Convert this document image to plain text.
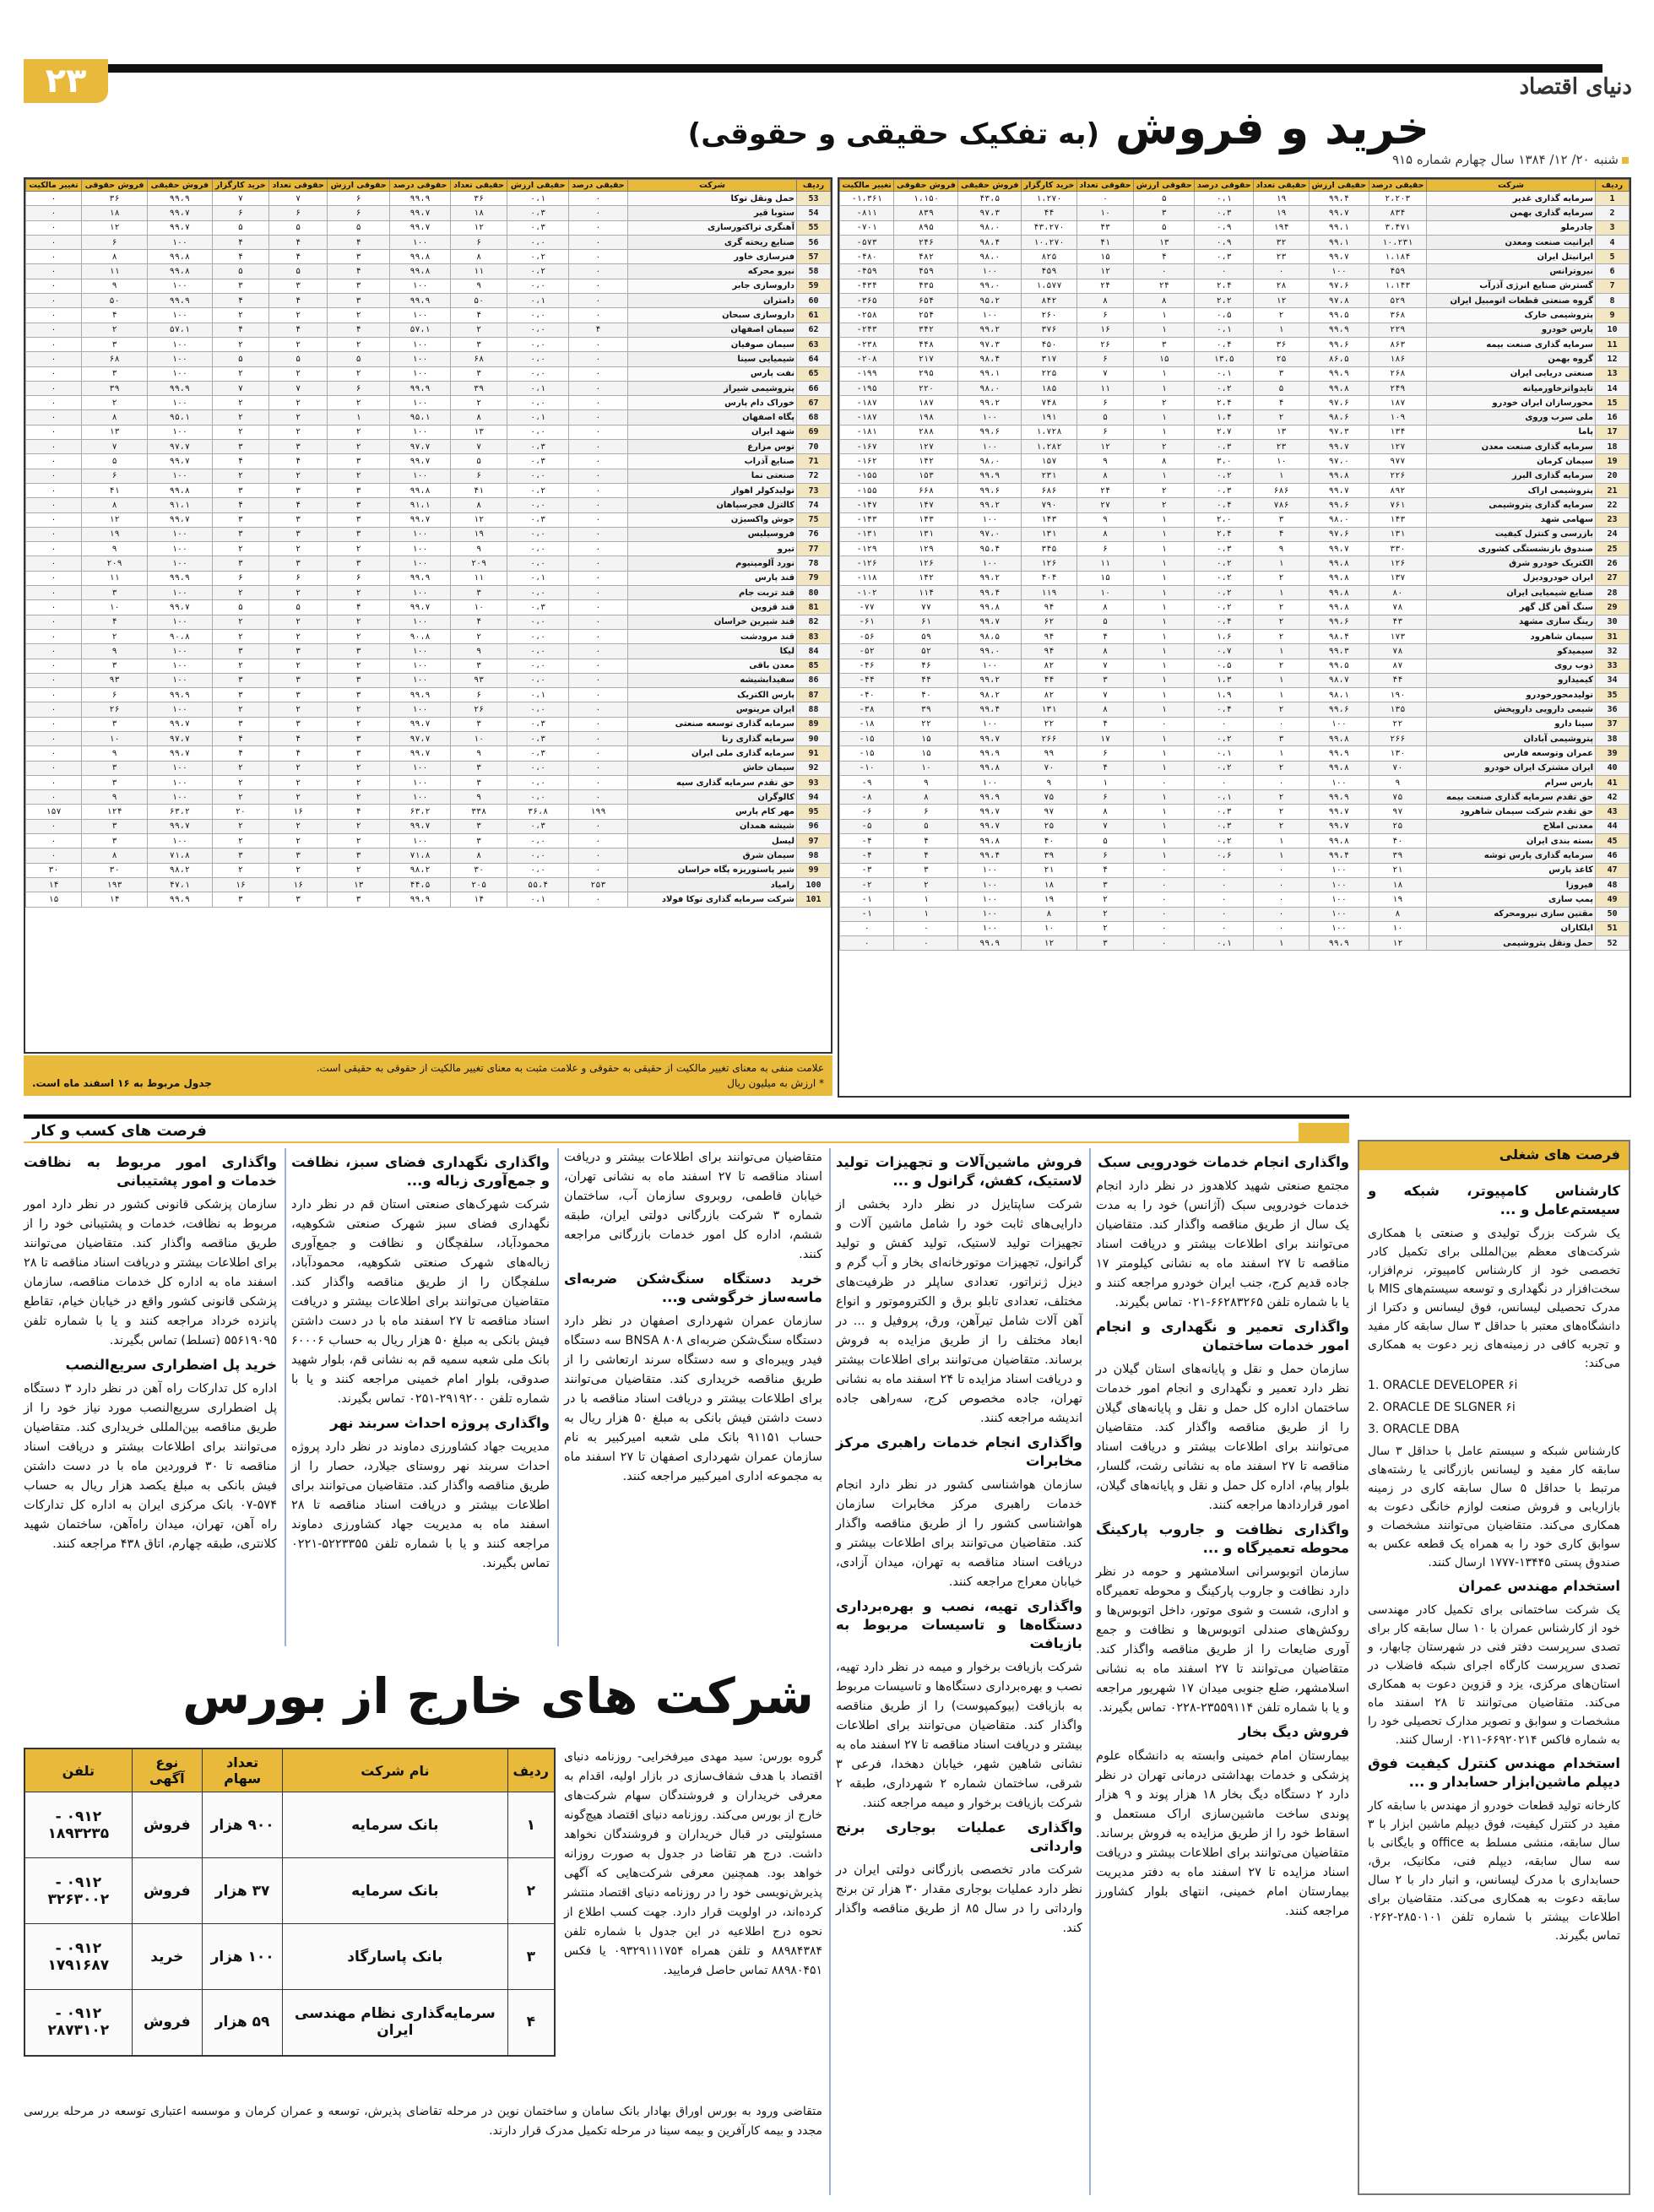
۲۳	دنیای اقتصاد
خرید و فروش (به تفکیک حقیقی و حقوقی)
شنبه ۲۰/ ۱۲/ ۱۳۸۴ سال چهارم شماره ۹۱۵
ردیف	شرکت	حقیقی درصد	حقیقی ارزش	حقیقی تعداد	حقوقی درصد	حقوقی ارزش	حقوقی تعداد	خرید کارگزار	فروش حقیقی	فروش حقوقی	تغییر مالکیت
1	سرمایه گذاری غدیر	۲،۲۰۳	۹۹،۴	۱۹	۰،۱	۵	۰	۱،۲۷۰	۴۳،۵	۱،۱۵۰	۱،۳۶۱-
2	سرمایه گذاری بهمن	۸۳۴	۹۹،۷	۱۹	۰،۳	۳	۱۰	۴۴	۹۷،۳	۸۳۹	۸۱۱-
3	چادرملو	۳،۴۷۱	۹۹،۱	۱۹۴	۰،۹	۵	۴۳	۴۳،۲۷۰	۹۸،۰	۸۹۵	۷۰۱-
4	ایرانیت صنعت ومعدن	۱۰،۲۳۱	۹۹،۱	۳۲	۰،۹	۱۳	۴۱	۱۰،۲۷۰	۹۸،۴	۲۴۶	۵۷۳-
5	ایرانیتل ایران	۱،۱۸۴	۹۹،۷	۲۳	۰،۳	۴	۱۵	۸۲۵	۹۸،۰	۴۸۲	۴۸۰-
6	نیروترانس	۴۵۹	۱۰۰	۰	۰	۰	۱۲	۴۵۹	۱۰۰	۴۵۹	۴۵۹-
7	گسترش صنایع انرژی آذرآب	۱،۱۴۳	۹۷،۶	۲۸	۲،۴	۲۴	۲۴	۱،۵۷۷	۹۹،۰	۴۳۵	۴۳۴-
8	گروه صنعتی قطعات اتومبیل ایران	۵۲۹	۹۷،۸	۱۲	۲،۲	۸	۸	۸۴۲	۹۵،۲	۶۵۴	۳۶۵-
9	پتروشیمی خارک	۳۶۸	۹۹،۵	۲	۰،۵	۱	۶	۲۶۰	۱۰۰	۲۵۴	۲۵۸-
10	پارس خودرو	۲۲۹	۹۹،۹	۱	۰،۱	۱	۱۶	۳۷۶	۹۹،۲	۳۴۲	۲۴۳-
11	سرمایه گذاری صنعت بیمه	۸۶۳	۹۹،۶	۳۶	۰،۴	۳	۲۶	۴۵۰	۹۷،۳	۴۴۸	۲۳۸-
12	گروه بهمن	۱۸۶	۸۶،۵	۲۵	۱۳،۵	۱۵	۶	۳۱۷	۹۸،۴	۲۱۷	۲۰۸-
13	صنعتی دریایی ایران	۲۶۸	۹۹،۹	۳	۰،۱	۱	۷	۲۲۵	۹۹،۱	۲۹۵	۱۹۹-
14	تایدواترخاورمیانه	۲۴۹	۹۹،۸	۵	۰،۲	۱	۱۱	۱۸۵	۹۸،۰	۲۲۰	۱۹۵-
15	محورسازان ایران خودرو	۱۸۷	۹۷،۶	۴	۲،۴	۲	۶	۷۴۸	۹۹،۲	۱۸۷	۱۸۷-
16	ملی سرب وروی	۱۰۹	۹۸،۶	۲	۱،۴	۱	۵	۱۹۱	۱۰۰	۱۹۸	۱۸۷-
17	پاما	۱۳۴	۹۷،۳	۱۳	۲،۷	۱	۶	۱،۷۲۸	۹۹،۶	۲۸۸	۱۸۱-
18	سرمایه گذاری صنعت معدن	۱۲۷	۹۹،۷	۲۳	۰،۳	۲	۱۲	۱،۲۸۲	۱۰۰	۱۲۷	۱۶۷-
19	سیمان کرمان	۹۷۷	۹۷،۰	۱۰	۳،۰	۸	۹	۱۵۷	۹۸،۰	۱۴۲	۱۶۲-
20	سرمایه گذاری البرز	۲۲۶	۹۹،۸	۱	۰،۲	۱	۸	۲۳۱	۹۹،۹	۱۵۳	۱۵۵-
21	پتروشیمی اراک	۸۹۲	۹۹،۷	۶۸۶	۰،۳	۲	۲۴	۶۸۶	۹۹،۶	۶۶۸	۱۵۵-
22	سرمایه گذاری پتروشیمی	۷۶۱	۹۹،۶	۷۸۶	۰،۴	۲	۲۷	۷۹۰	۹۹،۲	۱۴۷	۱۴۷-
23	سهامی شهد	۱۴۳	۹۸،۰	۳	۲،۰	۱	۹	۱۴۳	۱۰۰	۱۴۳	۱۴۳-
24	بازرسی و کنترل کیفیت	۱۳۱	۹۷،۶	۴	۲،۴	۱	۸	۱۳۱	۹۷،۰	۱۳۱	۱۳۱-
25	صندوق بازنشستگی کشوری	۳۳۰	۹۹،۷	۹	۰،۳	۱	۶	۳۴۵	۹۵،۴	۱۲۹	۱۲۹-
26	الکتریک خودرو شرق	۱۲۶	۹۹،۸	۱	۰،۲	۱	۱۱	۱۲۶	۱۰۰	۱۲۶	۱۲۶-
27	ایران خودرودیزل	۱۳۷	۹۹،۸	۲	۰،۲	۱	۱۵	۴۰۴	۹۹،۲	۱۴۲	۱۱۸-
28	صنایع شیمیایی ایران	۸۰	۹۹،۸	۱	۰،۲	۱	۱۰	۱۱۹	۹۹،۴	۱۱۴	۱۰۲-
29	سنگ آهن گل گهر	۷۸	۹۹،۸	۲	۰،۲	۱	۸	۹۴	۹۹،۸	۷۷	۷۷-
30	رینگ سازی مشهد	۴۳	۹۹،۶	۲	۰،۴	۱	۵	۶۲	۹۹،۷	۶۱	۶۱-
31	سیمان شاهرود	۱۷۳	۹۸،۴	۲	۱،۶	۱	۴	۹۴	۹۸،۵	۵۹	۵۶-
32	سیمیدکو	۷۸	۹۹،۳	۱	۰،۷	۱	۸	۹۴	۹۹،۰	۵۲	۵۲-
33	ذوب روی	۸۷	۹۹،۵	۲	۰،۵	۱	۷	۸۲	۱۰۰	۴۶	۴۶-
34	کیمیدارو	۴۴	۹۸،۷	۱	۱،۳	۱	۳	۴۴	۹۹،۲	۴۴	۴۴-
35	تولیدمحورخودرو	۱۹۰	۹۸،۱	۱	۱،۹	۱	۷	۸۲	۹۸،۲	۴۰	۴۰-
36	شیمی دارویی داروپخش	۱۳۵	۹۹،۶	۲	۰،۴	۱	۸	۱۳۱	۹۹،۴	۳۹	۳۸-
37	سینا دارو	۲۲	۱۰۰	۰	۰	۰	۴	۲۲	۱۰۰	۲۲	۱۸-
38	پتروشیمی آبادان	۲۶۶	۹۹،۸	۳	۰،۲	۱	۱۷	۲۶۶	۹۹،۷	۱۵	۱۵-
39	عمران وتوسعه فارس	۱۳۰	۹۹،۹	۱	۰،۱	۱	۶	۹۹	۹۹،۹	۱۵	۱۵-
40	ایران مشترک ایران خودرو	۷۰	۹۹،۸	۲	۰،۲	۱	۴	۷۰	۹۹،۸	۱۰	۱۰-
41	پارس سرام	۹	۱۰۰	۰	۰	۰	۱	۹	۱۰۰	۹	۹-
42	حق تقدم سرمایه گذاری صنعت بیمه	۷۵	۹۹،۹	۲	۰،۱	۱	۶	۷۵	۹۹،۹	۸	۸-
43	حق تقدم شرکت سیمان شاهرود	۹۷	۹۹،۷	۲	۰،۳	۱	۸	۹۷	۹۹،۷	۶	۶-
44	معدنی املاح	۲۵	۹۹،۷	۲	۰،۳	۱	۷	۲۵	۹۹،۷	۵	۵-
45	بسته بندی ایران	۴۰	۹۹،۸	۱	۰،۲	۱	۵	۴۰	۹۹،۸	۴	۴-
46	سرمایه گذاری پارس توشه	۳۹	۹۹،۴	۱	۰،۶	۱	۶	۳۹	۹۹،۴	۴	۴-
47	کاغذ پارس	۲۱	۱۰۰	۰	۰	۰	۴	۲۱	۱۰۰	۳	۳-
48	فیروزا	۱۸	۱۰۰	۰	۰	۰	۳	۱۸	۱۰۰	۲	۲-
49	پمپ سازی	۱۹	۱۰۰	۰	۰	۰	۲	۱۹	۱۰۰	۱	۱-
50	مقتین سازی نیرومحرکه	۸	۱۰۰	۰	۰	۰	۲	۸	۱۰۰	۱	۱-
51	ایلکاران	۱۰	۱۰۰	۰	۰	۰	۲	۱۰	۱۰۰	۰	۰
52	حمل ونقل پتروشیمی	۱۲	۹۹،۹	۱	۰،۱	۰	۳	۱۲	۹۹،۹	۰	۰
ردیف	شرکت	حقیقی درصد	حقیقی ارزش	حقیقی تعداد	حقوقی درصد	حقوقی ارزش	حقوقی تعداد	خرید کارگزار	فروش حقیقی	فروش حقوقی	تغییر مالکیت
53	حمل ونقل توکا	۰	۰،۱	۳۶	۹۹،۹	۶	۷	۷	۹۹،۹	۳۶	۰
54	ستوبا قیر	۰	۰،۳	۱۸	۹۹،۷	۶	۶	۶	۹۹،۷	۱۸	۰
55	آهنگری تراکتورسازی	۰	۰،۳	۱۲	۹۹،۷	۵	۵	۵	۹۹،۷	۱۲	۰
56	صنایع ریخته گری	۰	۰،۰	۶	۱۰۰	۴	۴	۴	۱۰۰	۶	۰
57	فنرسازی خاور	۰	۰،۲	۸	۹۹،۸	۳	۴	۴	۹۹،۸	۸	۰
58	نیرو محرکه	۰	۰،۲	۱۱	۹۹،۸	۴	۵	۵	۹۹،۸	۱۱	۰
59	داروسازی جابر	۰	۰،۰	۹	۱۰۰	۳	۳	۳	۱۰۰	۹	۰
60	دامتران	۰	۰،۱	۵۰	۹۹،۹	۳	۴	۴	۹۹،۹	۵۰	۰
61	داروسازی سبحان	۰	۰،۰	۴	۱۰۰	۲	۲	۲	۱۰۰	۴	۰
62	سیمان اصفهان	۴	۰،۰	۲	۵۷،۱	۴	۴	۴	۵۷،۱	۲	۰
63	سیمان صوفیان	۰	۰،۰	۳	۱۰۰	۲	۲	۲	۱۰۰	۳	۰
64	شیمیایی سینا	۰	۰،۰	۶۸	۱۰۰	۵	۵	۵	۱۰۰	۶۸	۰
65	نفت پارس	۰	۰،۰	۳	۱۰۰	۲	۲	۲	۱۰۰	۳	۰
66	پتروشیمی شیراز	۰	۰،۱	۳۹	۹۹،۹	۶	۷	۷	۹۹،۹	۳۹	۰
67	خوراک دام پارس	۰	۰،۰	۲	۱۰۰	۲	۲	۲	۱۰۰	۲	۰
68	پگاه اصفهان	۰	۰،۱	۸	۹۵،۱	۱	۲	۲	۹۵،۱	۸	۰
69	شهد ایران	۰	۰،۰	۱۳	۱۰۰	۲	۲	۲	۱۰۰	۱۳	۰
70	توس مزارع	۰	۰،۳	۷	۹۷،۷	۲	۳	۳	۹۷،۷	۷	۰
71	صنایع آذراب	۰	۰،۳	۵	۹۹،۷	۳	۴	۴	۹۹،۷	۵	۰
72	صنعتی نما	۰	۰،۰	۶	۱۰۰	۲	۲	۲	۱۰۰	۶	۰
73	تولیدکولر اهواز	۰	۰،۲	۴۱	۹۹،۸	۳	۳	۳	۹۹،۸	۴۱	۰
74	کالتزل فجرسپاهان	۰	۰،۰	۸	۹۱،۱	۳	۴	۴	۹۱،۱	۸	۰
75	جوش واکسیژن	۰	۰،۳	۱۲	۹۹،۷	۳	۳	۳	۹۹،۷	۱۲	۰
76	فروسیلیس	۰	۰،۰	۱۹	۱۰۰	۳	۳	۳	۱۰۰	۱۹	۰
77	تیرو	۰	۰،۰	۹	۱۰۰	۲	۲	۲	۱۰۰	۹	۰
78	نورد آلومینیوم	۰	۰،۰	۲۰۹	۱۰۰	۳	۳	۳	۱۰۰	۲۰۹	۰
79	قند پارس	۰	۰،۱	۱۱	۹۹،۹	۶	۶	۶	۹۹،۹	۱۱	۰
80	قند تربت جام	۰	۰،۰	۳	۱۰۰	۲	۲	۲	۱۰۰	۳	۰
81	قند قزوین	۰	۰،۳	۱۰	۹۹،۷	۴	۵	۵	۹۹،۷	۱۰	۰
82	قند شیرین خراسان	۰	۰،۰	۴	۱۰۰	۲	۲	۲	۱۰۰	۴	۰
83	قند مرودشت	۰	۰،۰	۲	۹۰،۸	۲	۲	۲	۹۰،۸	۲	۰
84	لیکا	۰	۰،۰	۹	۱۰۰	۳	۳	۳	۱۰۰	۹	۰
85	معدن باقی	۰	۰،۰	۳	۱۰۰	۲	۲	۲	۱۰۰	۳	۰
86	سفیدابشیشه	۰	۰،۰	۹۳	۱۰۰	۳	۳	۳	۱۰۰	۹۳	۰
87	پارس الکتریک	۰	۰،۱	۶	۹۹،۹	۳	۳	۳	۹۹،۹	۶	۰
88	ایران مرینوس	۰	۰،۰	۲۶	۱۰۰	۲	۲	۲	۱۰۰	۲۶	۰
89	سرمایه گذاری توسعه صنعتی	۰	۰،۳	۳	۹۹،۷	۲	۳	۳	۹۹،۷	۳	۰
90	سرمایه گذاری رنا	۰	۰،۳	۱۰	۹۷،۷	۳	۴	۴	۹۷،۷	۱۰	۰
91	سرمایه گذاری ملی ایران	۰	۰،۳	۹	۹۹،۷	۳	۴	۴	۹۹،۷	۹	۰
92	سیمان خاش	۰	۰،۰	۳	۱۰۰	۲	۲	۲	۱۰۰	۳	۰
93	حق تقدم سرمایه گذاری سپه	۰	۰،۰	۳	۱۰۰	۲	۲	۲	۱۰۰	۳	۰
94	کالوگران	۰	۰،۰	۹	۱۰۰	۲	۲	۲	۱۰۰	۹	۰
95	مهر کام پارس	۱۹۹	۳۶،۸	۳۳۸	۶۳،۲	۴	۱۶	۲۰	۶۳،۲	۱۲۴	۱۵۷
96	شیشه همدان	۰	۰،۳	۳	۹۹،۷	۲	۲	۲	۹۹،۷	۳	۰
97	لیسل	۰	۰،۰	۳	۱۰۰	۲	۲	۲	۱۰۰	۳	۰
98	سیمان شرق	۰	۰،۰	۸	۷۱،۸	۳	۳	۳	۷۱،۸	۸	۰
99	شیر پاستوریزه پگاه خراسان	۰	۰،۰	۳۰	۹۸،۲	۲	۲	۲	۹۸،۲	۳۰	۳۰
100	زامیاد	۲۵۳	۵۵،۴	۲۰۵	۴۴،۵	۱۳	۱۶	۱۶	۴۷،۱	۱۹۳	۱۴
101	شرکت سرمایه گذاری توکا فولاد	۰	۰،۱	۱۴	۹۹،۹	۳	۳	۳	۹۹،۹	۱۴	۱۵
علامت منفی به معنای تغییر مالکیت از حقیقی به حقوقی و علامت مثبت به معنای تغییر مالکیت از حقوقی به حقیقی است.
* ارزش به میلیون ریال
جدول مربوط به ۱۶ اسفند ماه است.
فرصت های کسب و کار
واگذاری انجام خدمات خودرویی سبک

مجتمع صنعتی شهید کلاهدوز در نظر دارد انجام خدمات خودرویی سبک (آژانس) خود را به مدت یک سال از طریق مناقصه واگذار کند. متقاضیان می‌توانند برای اطلاعات بیشتر و دریافت اسناد مناقصه تا ۲۷ اسفند ماه به نشانی کیلومتر ۱۷ جاده قدیم کرج، جنب ایران خودرو مراجعه کنند و یا با شماره تلفن ۶۶۲۸۳۲۶۵-۰۲۱ تماس بگیرند.

واگذاری تعمیر و نگهداری و انجام امور خدمات ساختمان

سازمان حمل و نقل و پایانه‌های استان گیلان در نظر دارد تعمیر و نگهداری و انجام امور خدمات ساختمان اداره کل حمل و نقل و پایانه‌های گیلان را از طریق مناقصه واگذار کند. متقاضیان می‌توانند برای اطلاعات بیشتر و دریافت اسناد مناقصه تا ۲۷ اسفند ماه به نشانی رشت، گلسار، بلوار پیام، اداره کل حمل و نقل و پایانه‌های گیلان، امور قراردادها مراجعه کنند.

واگذاری نظافت و جاروب پارکینگ محوطه تعمیرگاه و ...

سازمان اتوبوسرانی اسلامشهر و حومه در نظر دارد نظافت و جاروب پارکینگ و محوطه تعمیرگاه و اداری، شست و شوی موتور، داخل اتوبوس‌ها و روکش‌های صندلی اتوبوس‌ها و نظافت و جمع آوری ضایعات را از طریق مناقصه واگذار کند. متقاضیان می‌توانند تا ۲۷ اسفند ماه به نشانی اسلامشهر، ضلع جنوبی میدان ۱۷ شهریور مراجعه و یا با شماره تلفن ۲۳۵۵۹۱۱۴-۰۲۲۸ تماس بگیرند.

فروش دیگ بخار

بیمارستان امام خمینی وابسته به دانشگاه علوم پزشکی و خدمات بهداشتی درمانی تهران در نظر دارد ۲ دستگاه دیگ بخار ۱۸ هزار پوند و ۹ هزار پوندی ساخت ماشین‌سازی اراک مستعمل و اسقاط خود را از طریق مزایده به فروش برساند. متقاضیان می‌توانند برای اطلاعات بیشتر و دریافت اسناد مزایده تا ۲۷ اسفند ماه به دفتر مدیریت بیمارستان امام خمینی، انتهای بلوار کشاورز مراجعه کنند.

فروش ماشین‌آلات و تجهیزات تولید لاستیک، کفش، گرانول و ...

شرکت ساپتایزل در نظر دارد بخشی از دارایی‌های ثابت خود را شامل ماشین آلات و تجهیزات تولید لاستیک، تولید کفش و تولید گرانول، تجهیزات موتورخانه‌ای بخار و آب گرم و دیزل ژنراتور، تعدادی ساپلر در ظرفیت‌های مختلف، تعدادی تابلو برق و الکتروموتور و انواع آهن آلات شامل تیرآهن، ورق، پروفیل و ... در ابعاد مختلف را از طریق مزایده به فروش برساند. متقاضیان می‌توانند برای اطلاعات بیشتر و دریافت اسناد مزایده تا ۲۴ اسفند ماه به نشانی تهران، جاده مخصوص کرج، سه‌راهی جاده اندیشه مراجعه کنند.

واگذاری انجام خدمات راهبری مرکز مخابرات

سازمان هواشناسی کشور در نظر دارد انجام خدمات راهبری مرکز مخابرات سازمان هواشناسی کشور را از طریق مناقصه واگذار کند. متقاضیان می‌توانند برای اطلاعات بیشتر و دریافت اسناد مناقصه به تهران، میدان آزادی، خیابان معراج مراجعه کنند.

واگذاری تهیه، نصب و بهره‌برداری دستگاه‌ها و تاسیسات مربوط به بازیافت

شرکت بازیافت برخوار و میمه در نظر دارد تهیه، نصب و بهره‌برداری دستگاه‌ها و تاسیسات مربوط به بازیافت (بیوکمپوست) را از طریق مناقصه واگذار کند. متقاضیان می‌توانند برای اطلاعات بیشتر و دریافت اسناد مناقصه تا ۲۷ اسفند ماه به نشانی شاهین شهر، خیابان دهخدا، فرعی ۳ شرقی، ساختمان شماره ۲ شهرداری، طبقه ۲ شرکت بازیافت برخوار و میمه مراجعه کنند.

واگذاری عملیات بوجاری برنج وارداتی

شرکت مادر تخصصی بازرگانی دولتی ایران در نظر دارد عملیات بوجاری مقدار ۳۰ هزار تن برنج وارداتی را در سال ۸۵ از طریق مناقصه واگذار کند.

متقاضیان می‌توانند برای اطلاعات بیشتر و دریافت اسناد مناقصه تا ۲۷ اسفند ماه به نشانی تهران، خیابان فاطمی، روبروی سازمان آب، ساختمان شماره ۳ شرکت بازرگانی دولتی ایران، طبقه ششم، اداره کل امور خدمات بازرگانی مراجعه کنند.

خرید دستگاه سنگ‌شکن ضربه‌ای ماسه‌ساز خرگوشی و...

سازمان عمران شهرداری اصفهان در نظر دارد دستگاه سنگ‌شکن ضربه‌ای BNSA ۸۰۸ سه دستگاه فیدر ویبره‌ای و سه دستگاه سرند ارتعاشی را از طریق مناقصه خریداری کند. متقاضیان می‌توانند برای اطلاعات بیشتر و دریافت اسناد مناقصه با در دست داشتن فیش بانکی به مبلغ ۵۰ هزار ریال به حساب ۹۱۱۵۱ بانک ملی شعبه امیرکبیر به نام سازمان عمران شهرداری اصفهان تا ۲۷ اسفند ماه به مجموعه اداری امیرکبیر مراجعه کنند.

واگذاری نگهداری فضای سبز، نظافت و جمع‌آوری زباله و...

شرکت شهرک‌های صنعتی استان قم در نظر دارد نگهداری فضای سبز شهرک صنعتی شکوهیه، محمودآباد، سلفچگان و نظافت و جمع‌آوری زباله‌های شهرک صنعتی شکوهیه، محمودآباد، سلفچگان را از طریق مناقصه واگذار کند. متقاضیان می‌توانند برای اطلاعات بیشتر و دریافت اسناد مناقصه تا ۲۷ اسفند ماه با در دست داشتن فیش بانکی به مبلغ ۵۰ هزار ریال به حساب ۶۰۰۰۶ بانک ملی شعبه سمیه قم به نشانی قم، بلوار شهید صدوقی، بلوار امام خمینی مراجعه کنند و یا با شماره تلفن ۲۹۱۹۲۰۰-۰۲۵۱ تماس بگیرند.

واگذاری پروژه احداث سربند نهر

مدیریت جهاد کشاورزی دماوند در نظر دارد پروژه احداث سربند نهر روستای جیلارد، حصار را از طریق مناقصه واگذار کند. متقاضیان می‌توانند برای اطلاعات بیشتر و دریافت اسناد مناقصه تا ۲۸ اسفند ماه به مدیریت جهاد کشاورزی دماوند مراجعه کنند و یا با شماره تلفن ۵۲۲۳۳۵۵-۰۲۲۱ تماس بگیرند.

واگذاری امور مربوط به نظافت خدمات و امور پشتیبانی

سازمان پزشکی قانونی کشور در نظر دارد امور مربوط به نظافت، خدمات و پشتیبانی خود را از طریق مناقصه واگذار کند. متقاضیان می‌توانند برای اطلاعات بیشتر و دریافت اسناد مناقصه تا ۲۸ اسفند ماه به اداره کل خدمات مناقصه، سازمان پزشکی قانونی کشور واقع در خیابان خیام، تقاطع پانزده خرداد مراجعه کنند و یا با شماره تلفن ۵۵۶۱۹۰۹۵ (تسلط) تماس بگیرند.

خرید پل اضطراری سریع‌النصب

اداره کل تدارکات راه آهن در نظر دارد ۳ دستگاه پل اضطراری سریع‌النصب مورد نیاز خود را از طریق مناقصه بین‌المللی خریداری کند. متقاضیان می‌توانند برای اطلاعات بیشتر و دریافت اسناد مناقصه تا ۳۰ فروردین ماه با در دست داشتن فیش بانکی به مبلغ یکصد هزار ریال به حساب ۵۷۴-۰۷ بانک مرکزی ایران به اداره کل تدارکات راه آهن، تهران، میدان راه‌آهن، ساختمان شهید کلانتری، طبقه چهارم، اتاق ۴۳۸ مراجعه کنند.

شرکت های خارج از بورس
ردیف	نام شرکت	تعداد سهام	نوع آگهی	تلفن
۱	بانک سرمایه	۹۰۰ هزار	فروش	۰۹۱۲ - ۱۸۹۳۲۳۵
۲	بانک سرمایه	۳۷ هزار	فروش	۰۹۱۲ - ۳۲۶۳۰۰۲
۳	بانک پاسارگاد	۱۰۰ هزار	خرید	۰۹۱۲ - ۱۷۹۱۶۸۷
۴	سرمایه‌گذاری نظام مهندسی ایران	۵۹ هزار	فروش	۰۹۱۲ - ۲۸۷۳۱۰۲
گروه بورس: سید مهدی میرفخرایی- روزنامه دنیای اقتصاد با هدف شفاف‌سازی در بازار اولیه، اقدام به معرفی خریداران و فروشندگان سهام شرکت‌های خارج از بورس می‌کند. روزنامه دنیای اقتصاد هیچ‌گونه مسئولیتی در قبال خریداران و فروشندگان نخواهد داشت. درج هر تقاضا در جدول به صورت روزانه خواهد بود. همچنین معرفی شرکت‌هایی که آگهی پذیرش‌نویسی خود را در روزنامه دنیای اقتصاد منتشر کرده‌اند، در اولویت قرار دارد. جهت کسب اطلاع از نحوه درج اطلاعیه در این جدول با شماره تلفن ۸۸۹۸۴۳۸۴ و تلفن همراه ۰۹۳۲۹۱۱۱۷۵۴ یا فکس ۸۸۹۸۰۴۵۱ تماس حاصل فرمایید.
متقاضی ورود به بورس اوراق بهادار بانک سامان و ساختمان نوین در مرحله تقاضای پذیرش، توسعه و عمران کرمان و موسسه اعتباری توسعه در مرحله بررسی مجدد و بیمه کارآفرین و بیمه سینا در مرحله تکمیل مدرک قرار دارند.
فرصت های شغلی
کارشناس کامپیوتر، شبکه و سیستم‌عامل و ...

یک شرکت بزرگ تولیدی و صنعتی با همکاری شرکت‌های معظم بین‌المللی برای تکمیل کادر تخصصی خود از کارشناس کامپیوتر، نرم‌افزار، سخت‌افزار در نگهداری و توسعه سیستم‌های MIS با مدرک تحصیلی لیسانس، فوق لیسانس و دکترا از دانشگاه‌های معتبر با حداقل ۳ سال سابقه کار مفید و تجربه کافی در زمینه‌های زیر دعوت به همکاری می‌کند:

1. ORACLE DEVELOPER ۶i

2. ORACLE DE SLGNER ۶i

3. ORACLE DBA

کارشناس شبکه و سیستم عامل با حداقل ۳ سال سابقه کار مفید و لیسانس بازرگانی یا رشته‌های مرتبط با حداقل ۵ سال سابقه کاری در زمینه بازاریابی و فروش صنعت لوازم خانگی دعوت به همکاری می‌کند. متقاضیان می‌توانند مشخصات و سوابق کاری خود را به همراه یک قطعه عکس به صندوق پستی ۱۳۴۴۵-۱۷۷۷ ارسال کنند.

استخدام مهندس عمران

یک شرکت ساختمانی برای تکمیل کادر مهندسی خود از کارشناس عمران با ۱۰ سال سابقه کار برای تصدی سرپرست دفتر فنی در شهرستان چابهار، و تصدی سرپرست کارگاه اجرای شبکه فاضلاب در استان‌های مرکزی، یزد و قزوین دعوت به همکاری می‌کند. متقاضیان می‌توانند تا ۲۸ اسفند ماه مشخصات و سوابق و تصویر مدارک تحصیلی خود را به شماره فاکس ۶۶۹۲۰۲۱۴-۰۲۱۱ ارسال کنند.

استخدام مهندس کنترل کیفیت فوق دیپلم ماشین‌ابزار حسابدار و ...

کارخانه تولید قطعات خودرو از مهندس با سابقه کار مفید در کنترل کیفیت، فوق دیپلم ماشین ابزار با ۳ سال سابقه، منشی مسلط به office و بایگانی با سه سال سابقه، دیپلم فنی، مکانیک، برق، حسابداری با مدرک لیسانس، و انبار دار با ۲ سال سابقه دعوت به همکاری می‌کند. متقاضیان برای اطلاعات بیشتر با شماره تلفن ۲۸۵۰۱۰۱-۰۲۶۲ تماس بگیرند.
